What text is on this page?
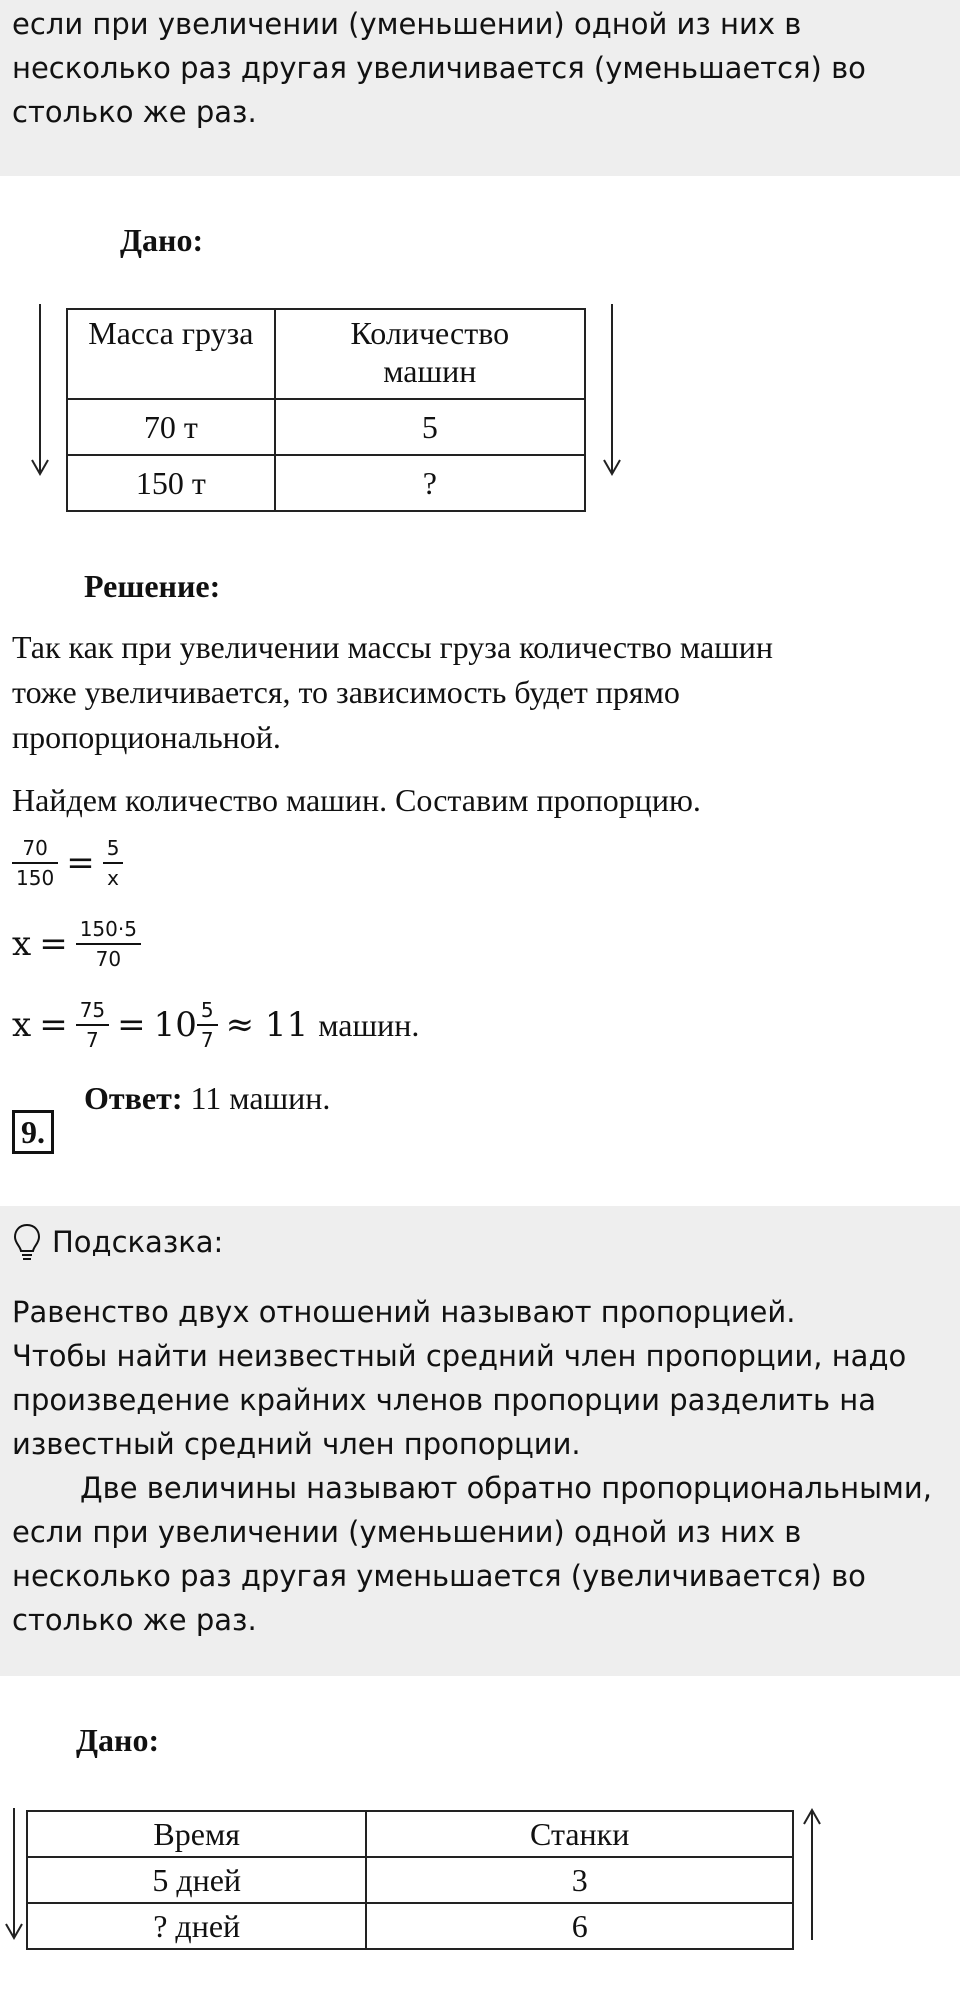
если при увеличении (уменьшении) одной из них в
несколько раз другая увеличивается (уменьшается) во
столько же раз.
Дано:
Масса груза	Количество машин
70 т	5
150 т	?
Решение:
Так как при увеличении массы груза количество машин
тоже увеличивается, то зависимость будет прямо
пропорциональной.
Найдем количество машин. Составим пропорцию.
$\frac{70}{150} = \frac{5}{x}$
$x = \frac{150\cdot 5}{70}$
$x = \frac{75}{7} = 10 \frac{5}{7} \approx 11$ машин.
Ответ: 11 машин.
9.
Подсказка:
Равенство двух отношений называют пропорцией.
Чтобы найти неизвестный средний член пропорции, надо
произведение крайних членов пропорции разделить на
известный средний член пропорции.
Две величины называют обратно пропорциональными,
если при увеличении (уменьшении) одной из них в
несколько раз другая уменьшается (увеличивается) во
столько же раз.
Дано:
Время	Станки
5 дней	3
? дней	6
